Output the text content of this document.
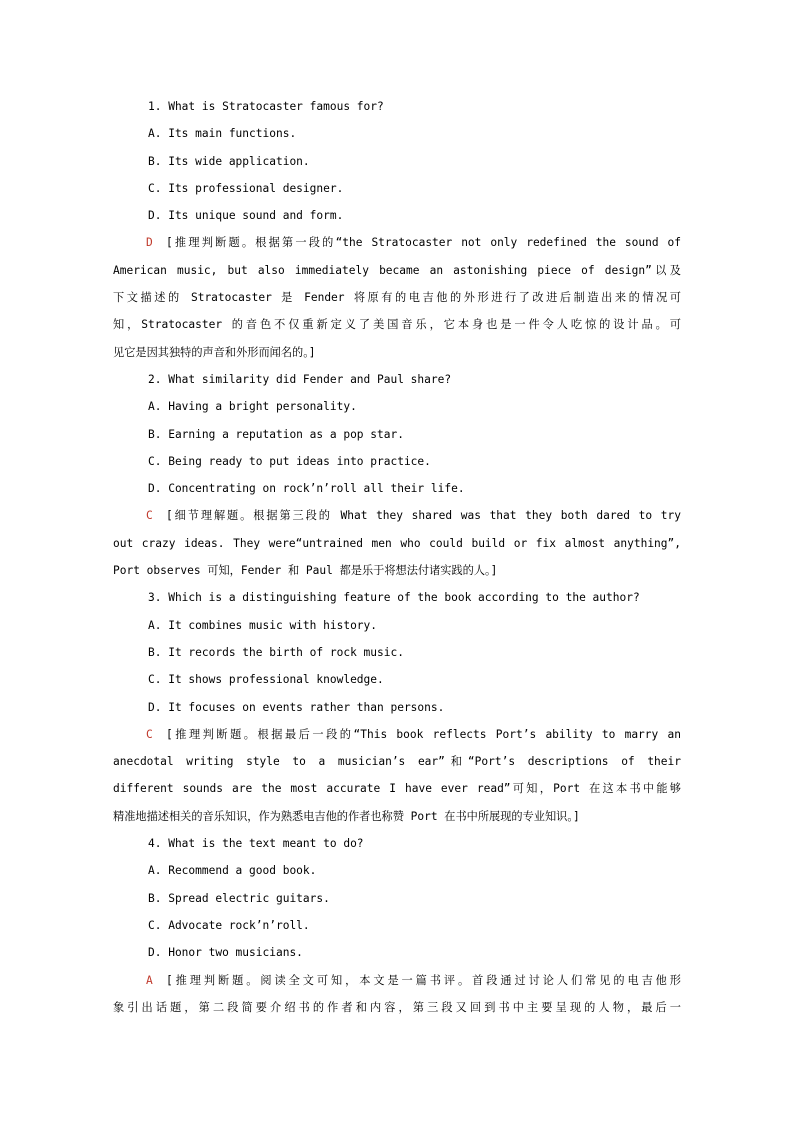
1. What is Stratocaster famous for?
A. Its main functions.
B. Its wide application.
C. Its professional designer.
D. Its unique sound and form.
D [推理判断题。根据第一段的“the Stratocaster not only redefined the sound of
American music, but also immediately became an astonishing piece of design”以及
下文描述的 Stratocaster 是 Fender 将原有的电吉他的外形进行了改进后制造出来的情况可
知，Stratocaster 的音色不仅重新定义了美国音乐，它本身也是一件令人吃惊的设计品。可
见它是因其独特的声音和外形而闻名的。]
2. What similarity did Fender and Paul share?
A. Having a bright personality.
B. Earning a reputation as a pop star.
C. Being ready to put ideas into practice.
D. Concentrating on rock’n’roll all their life.
C [细节理解题。根据第三段的 What they shared was that they both dared to try
out crazy ideas. They were“untrained men who could build or fix almost anything”,
Port observes 可知，Fender 和 Paul 都是乐于将想法付诸实践的人。]
3. Which is a distinguishing feature of the book according to the author?
A. It combines music with history.
B. It records the birth of rock music.
C. It shows professional knowledge.
D. It focuses on events rather than persons.
C [推理判断题。根据最后一段的“This book reflects Port’s ability to marry an
anecdotal writing style to a musician’s ear”和“Port’s descriptions of their
different sounds are the most accurate I have ever read”可知，Port 在这本书中能够
精准地描述相关的音乐知识，作为熟悉电吉他的作者也称赞 Port 在书中所展现的专业知识。]
4. What is the text meant to do?
A. Recommend a good book.
B. Spread electric guitars.
C. Advocate rock’n’roll.
D. Honor two musicians.
A [推理判断题。阅读全文可知，本文是一篇书评。首段通过讨论人们常见的电吉他形
象引出话题，第二段简要介绍书的作者和内容，第三段又回到书中主要呈现的人物，最后一
